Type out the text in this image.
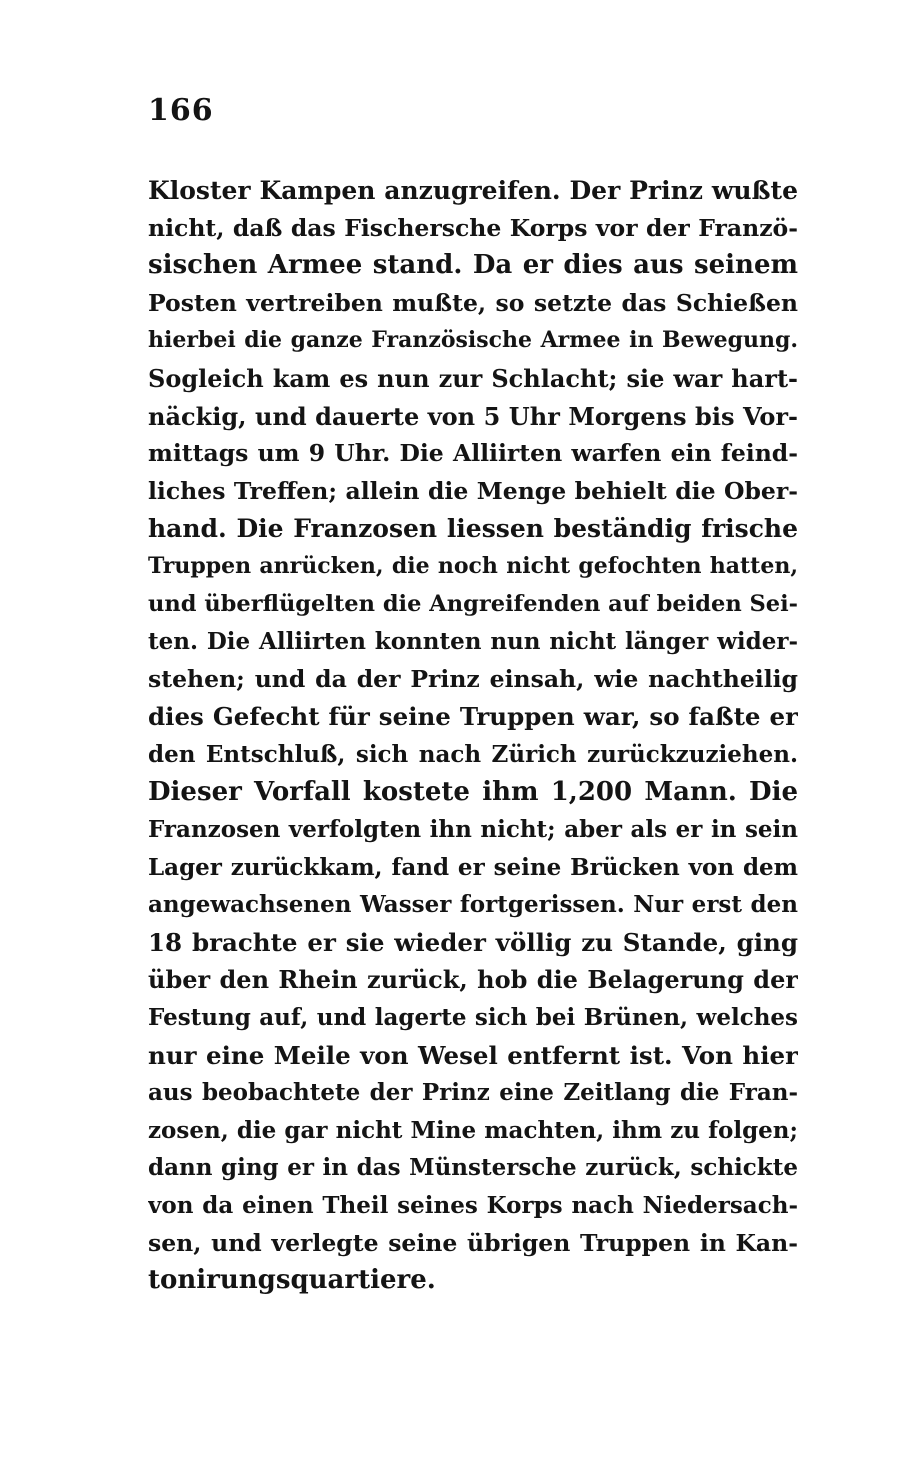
166
Kloster Kampen anzugreifen. Der Prinz wußte
nicht, daß das Fischersche Korps vor der Franzö-
sischen Armee stand. Da er dies aus seinem
Posten vertreiben mußte, so setzte das Schießen
hierbei die ganze Französische Armee in Bewegung.
Sogleich kam es nun zur Schlacht; sie war hart-
näckig, und dauerte von 5 Uhr Morgens bis Vor-
mittags um 9 Uhr. Die Alliirten warfen ein feind-
liches Treffen; allein die Menge behielt die Ober-
hand. Die Franzosen liessen beständig frische
Truppen anrücken, die noch nicht gefochten hatten,
und überflügelten die Angreifenden auf beiden Sei-
ten. Die Alliirten konnten nun nicht länger wider-
stehen; und da der Prinz einsah, wie nachtheilig
dies Gefecht für seine Truppen war, so faßte er
den Entschluß, sich nach Zürich zurückzuziehen.
Dieser Vorfall kostete ihm 1,200 Mann. Die
Franzosen verfolgten ihn nicht; aber als er in sein
Lager zurückkam, fand er seine Brücken von dem
angewachsenen Wasser fortgerissen. Nur erst den
18 brachte er sie wieder völlig zu Stande, ging
über den Rhein zurück, hob die Belagerung der
Festung auf, und lagerte sich bei Brünen, welches
nur eine Meile von Wesel entfernt ist. Von hier
aus beobachtete der Prinz eine Zeitlang die Fran-
zosen, die gar nicht Mine machten, ihm zu folgen;
dann ging er in das Münstersche zurück, schickte
von da einen Theil seines Korps nach Niedersach-
sen, und verlegte seine übrigen Truppen in Kan-
tonirungsquartiere.
